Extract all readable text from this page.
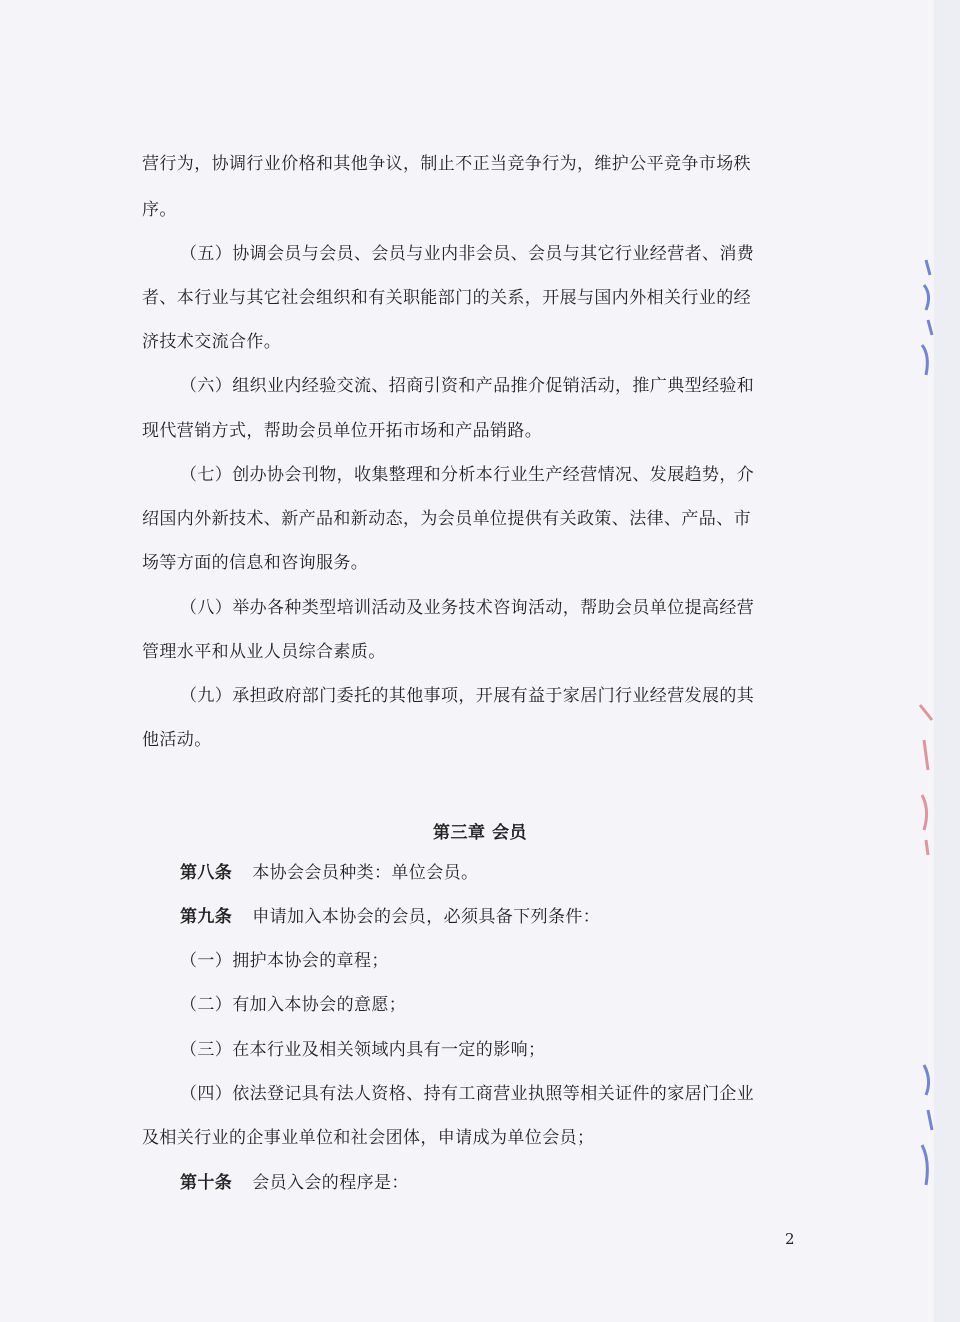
营行为，协调行业价格和其他争议，制止不正当竞争行为，维护公平竞争市场秩
序。
（五）协调会员与会员、会员与业内非会员、会员与其它行业经营者、消费
者、本行业与其它社会组织和有关职能部门的关系，开展与国内外相关行业的经
济技术交流合作。
（六）组织业内经验交流、招商引资和产品推介促销活动，推广典型经验和
现代营销方式，帮助会员单位开拓市场和产品销路。
（七）创办协会刊物，收集整理和分析本行业生产经营情况、发展趋势，介
绍国内外新技术、新产品和新动态，为会员单位提供有关政策、法律、产品、市
场等方面的信息和咨询服务。
（八）举办各种类型培训活动及业务技术咨询活动，帮助会员单位提高经营
管理水平和从业人员综合素质。
（九）承担政府部门委托的其他事项，开展有益于家居门行业经营发展的其
他活动。
第三章 会员
第八条 本协会会员种类：单位会员。
第九条 申请加入本协会的会员，必须具备下列条件：
（一）拥护本协会的章程；
（二）有加入本协会的意愿；
（三）在本行业及相关领域内具有一定的影响；
（四）依法登记具有法人资格、持有工商营业执照等相关证件的家居门企业
及相关行业的企事业单位和社会团体，申请成为单位会员；
第十条 会员入会的程序是：
2
